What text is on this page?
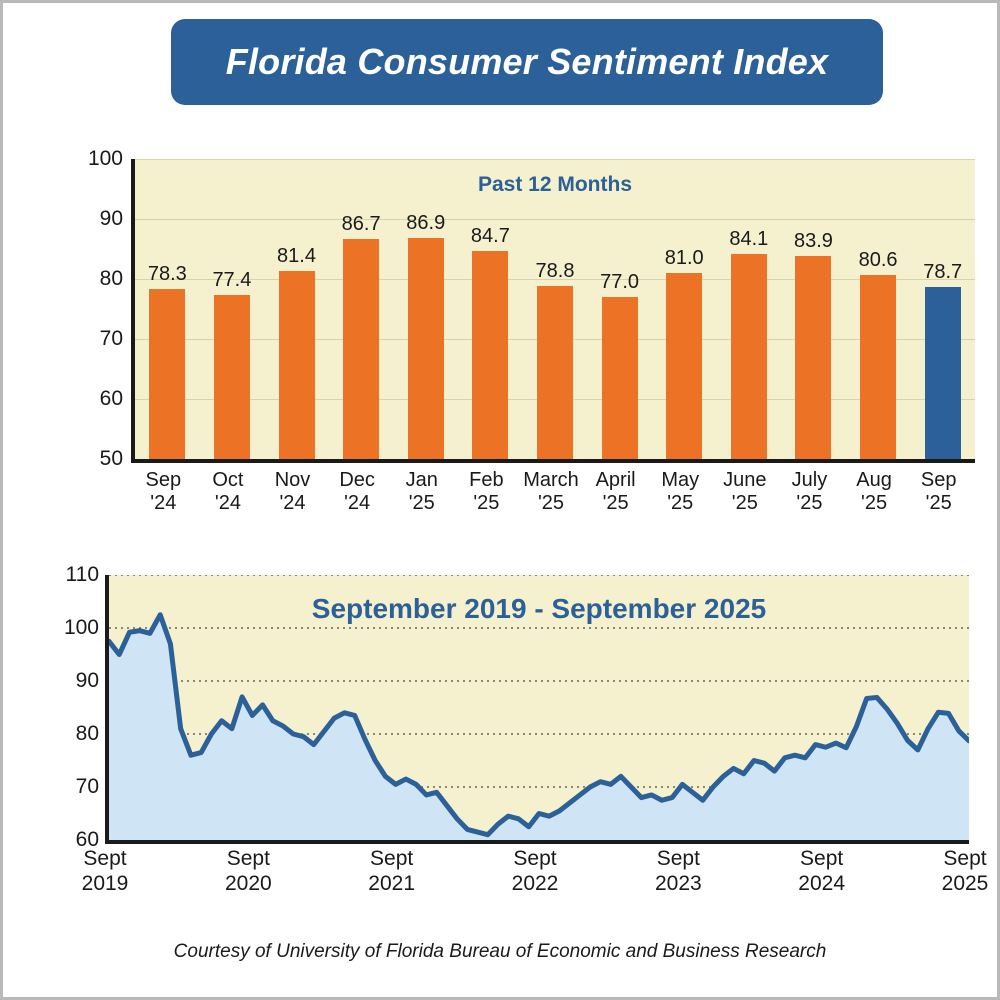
Florida Consumer Sentiment Index
50
60
70
80
90
100
Past 12 Months
78.3 77.4
81.4
86.7 86.9
84.7
78.8 77.0
81.0
84.1 83.9
80.6
78.7
Sep
'24
Oct
'24
Nov
'24
Dec
'24
Jan
'25
Feb
'25
March
'25
April
'25
May
'25
June
'25
July
'25
Aug
'25
Sep
'25
60
70
80
90
100
110
September 2019 - September 2025
Sept
2019
Sept
2020
Sept
2021
Sept
2022
Sept
2023
Sept
2024
Sept
2025
Courtesy of University of Florida Bureau of Economic and Business Research
